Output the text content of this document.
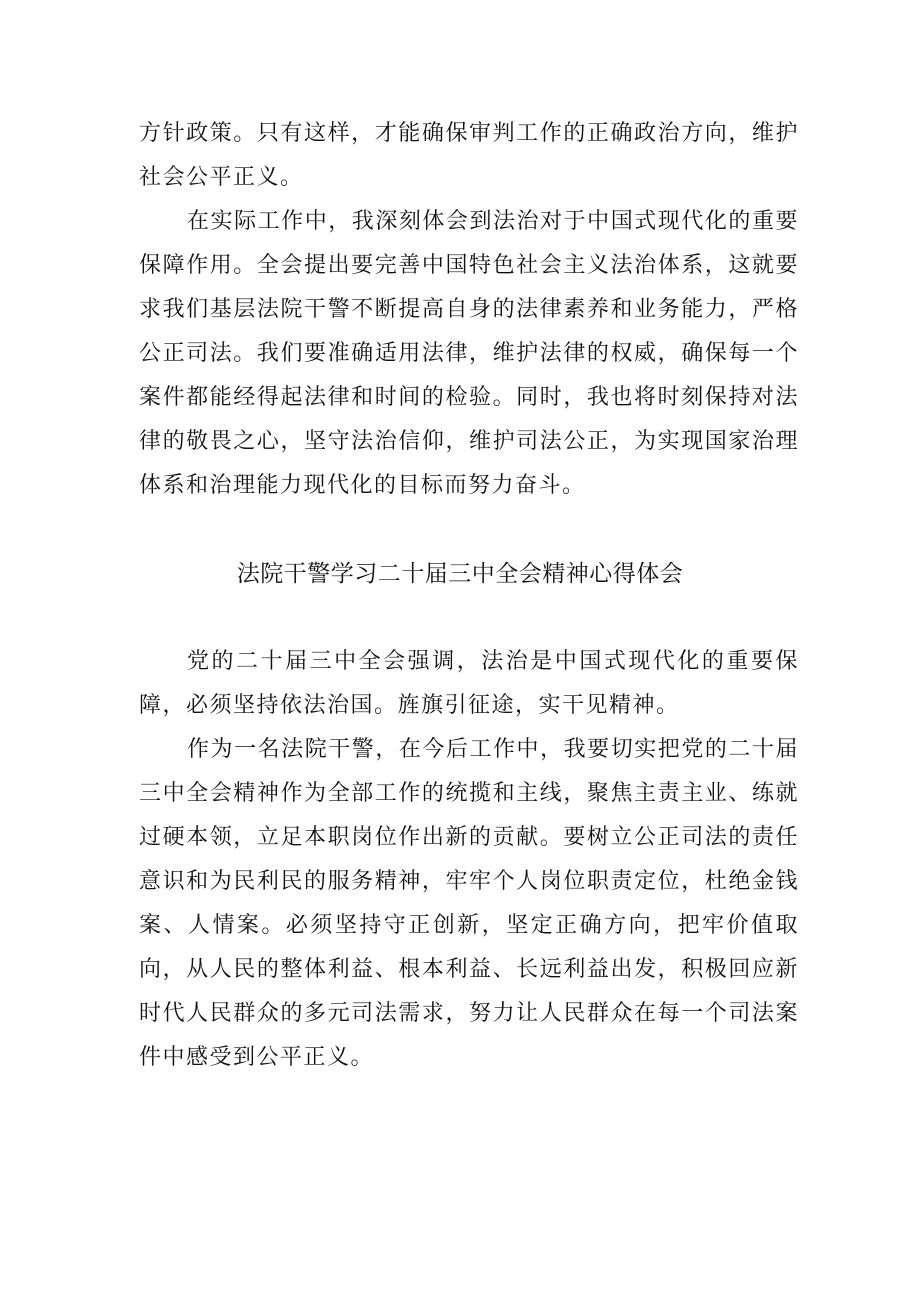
方针政策。只有这样，才能确保审判工作的正确政治方向，维护社会公平正义。

在实际工作中，我深刻体会到法治对于中国式现代化的重要保障作用。全会提出要完善中国特色社会主义法治体系，这就要求我们基层法院干警不断提高自身的法律素养和业务能力，严格公正司法。我们要准确适用法律，维护法律的权威，确保每一个案件都能经得起法律和时间的检验。同时，我也将时刻保持对法律的敬畏之心，坚守法治信仰，维护司法公正，为实现国家治理体系和治理能力现代化的目标而努力奋斗。

法院干警学习二十届三中全会精神心得体会

党的二十届三中全会强调，法治是中国式现代化的重要保障，必须坚持依法治国。旌旗引征途，实干见精神。

作为一名法院干警，在今后工作中，我要切实把党的二十届三中全会精神作为全部工作的统揽和主线，聚焦主责主业、练就过硬本领，立足本职岗位作出新的贡献。要树立公正司法的责任意识和为民利民的服务精神，牢牢个人岗位职责定位，杜绝金钱案、人情案。必须坚持守正创新，坚定正确方向，把牢价值取向，从人民的整体利益、根本利益、长远利益出发，积极回应新时代人民群众的多元司法需求，努力让人民群众在每一个司法案件中感受到公平正义。
